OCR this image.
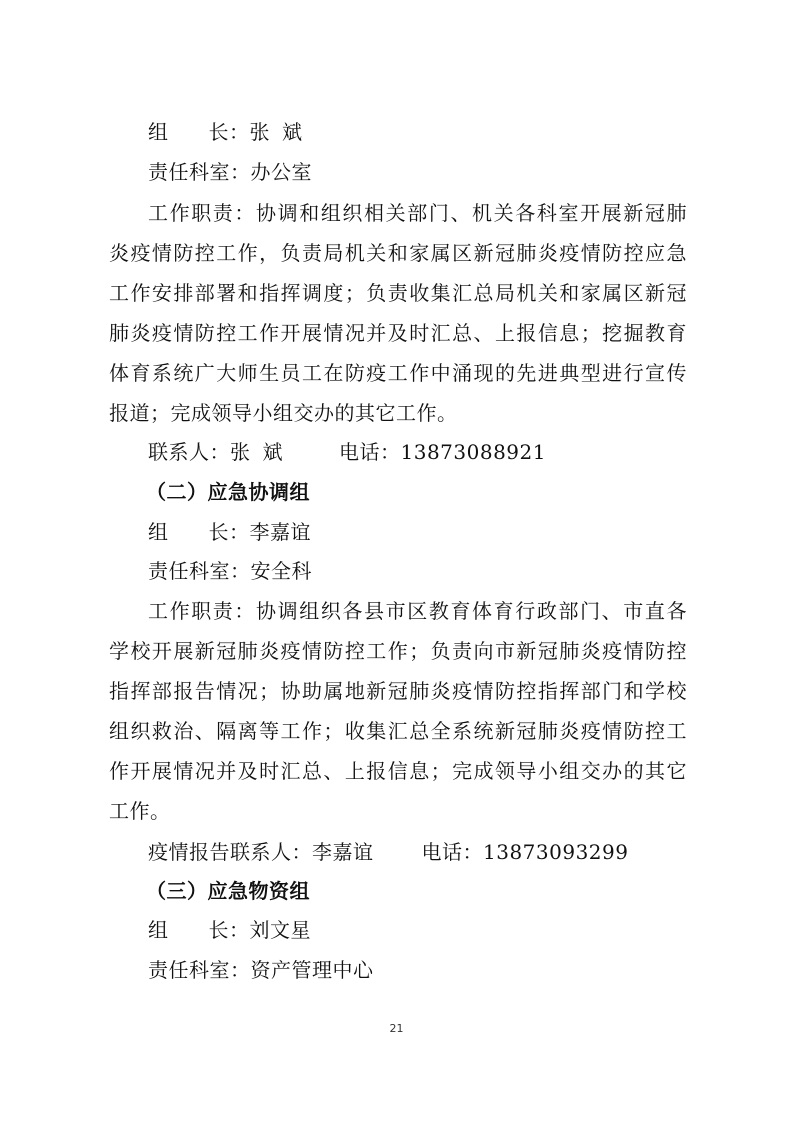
组 长：张 斌
责任科室：办公室
工作职责：协调和组织相关部门、机关各科室开展新冠肺
炎疫情防控工作，负责局机关和家属区新冠肺炎疫情防控应急
工作安排部署和指挥调度；负责收集汇总局机关和家属区新冠
肺炎疫情防控工作开展情况并及时汇总、上报信息；挖掘教育
体育系统广大师生员工在防疫工作中涌现的先进典型进行宣传
报道；完成领导小组交办的其它工作。
联系人：张 斌	电话：13873088921
（二）应急协调组
组 长：李嘉谊
责任科室：安全科
工作职责：协调组织各县市区教育体育行政部门、市直各
学校开展新冠肺炎疫情防控工作；负责向市新冠肺炎疫情防控
指挥部报告情况；协助属地新冠肺炎疫情防控指挥部门和学校
组织救治、隔离等工作；收集汇总全系统新冠肺炎疫情防控工
作开展情况并及时汇总、上报信息；完成领导小组交办的其它
工作。
疫情报告联系人：李嘉谊 电话：13873093299
（三）应急物资组
组 长：刘文星
责任科室：资产管理中心
21
